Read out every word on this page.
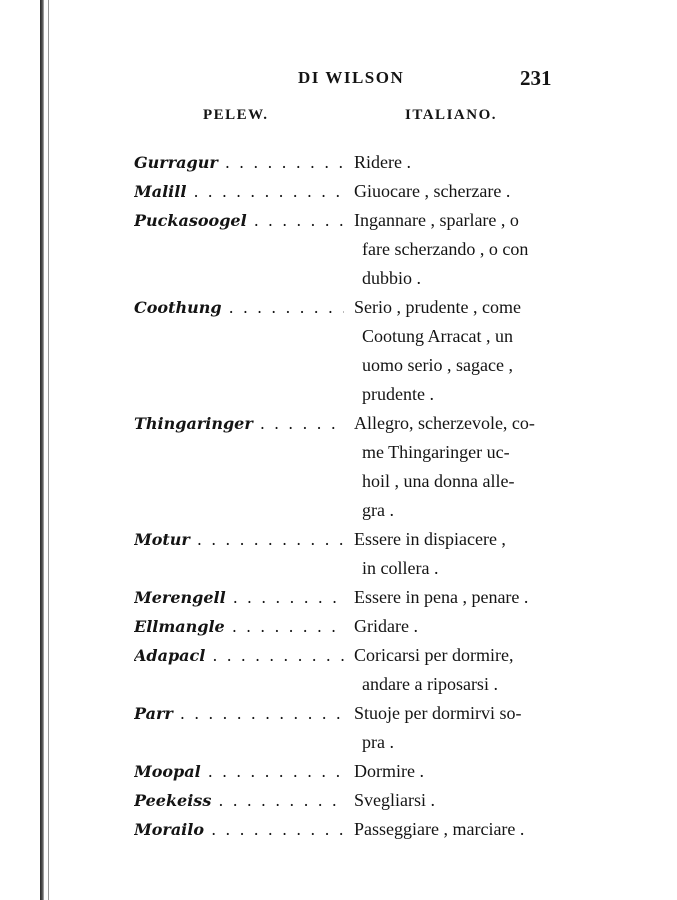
DI WILSON	231
PELEW.	ITALIANO.
Gurragur . . .	Ridere .
Malill . . .	Giuocare , scherzare .
Puckasoogel . . .	Ingannare , sparlare , o
fare scherzando , o con
dubbio .
Coothung . . .	Serio , prudente , come
Cootung Arracat , un
uomo serio , sagace ,
prudente .
Thingaringer . . .	Allegro, scherzevole, co-
me Thingaringer uc-
hoil , una donna alle-
gra .
Motur . . .	Essere in dispiacere ,
in collera .
Merengell . . .	Essere in pena , penare .
Ellmangle . . .	Gridare .
Adapacl . . .	Coricarsi per dormire,
andare a riposarsi .
Parr . . .	Stuoje per dormirvi so-
pra .
Moopal . . .	Dormire .
Peekeiss . . .	Svegliarsi .
Morailo . . .	Passeggiare , marciare .
